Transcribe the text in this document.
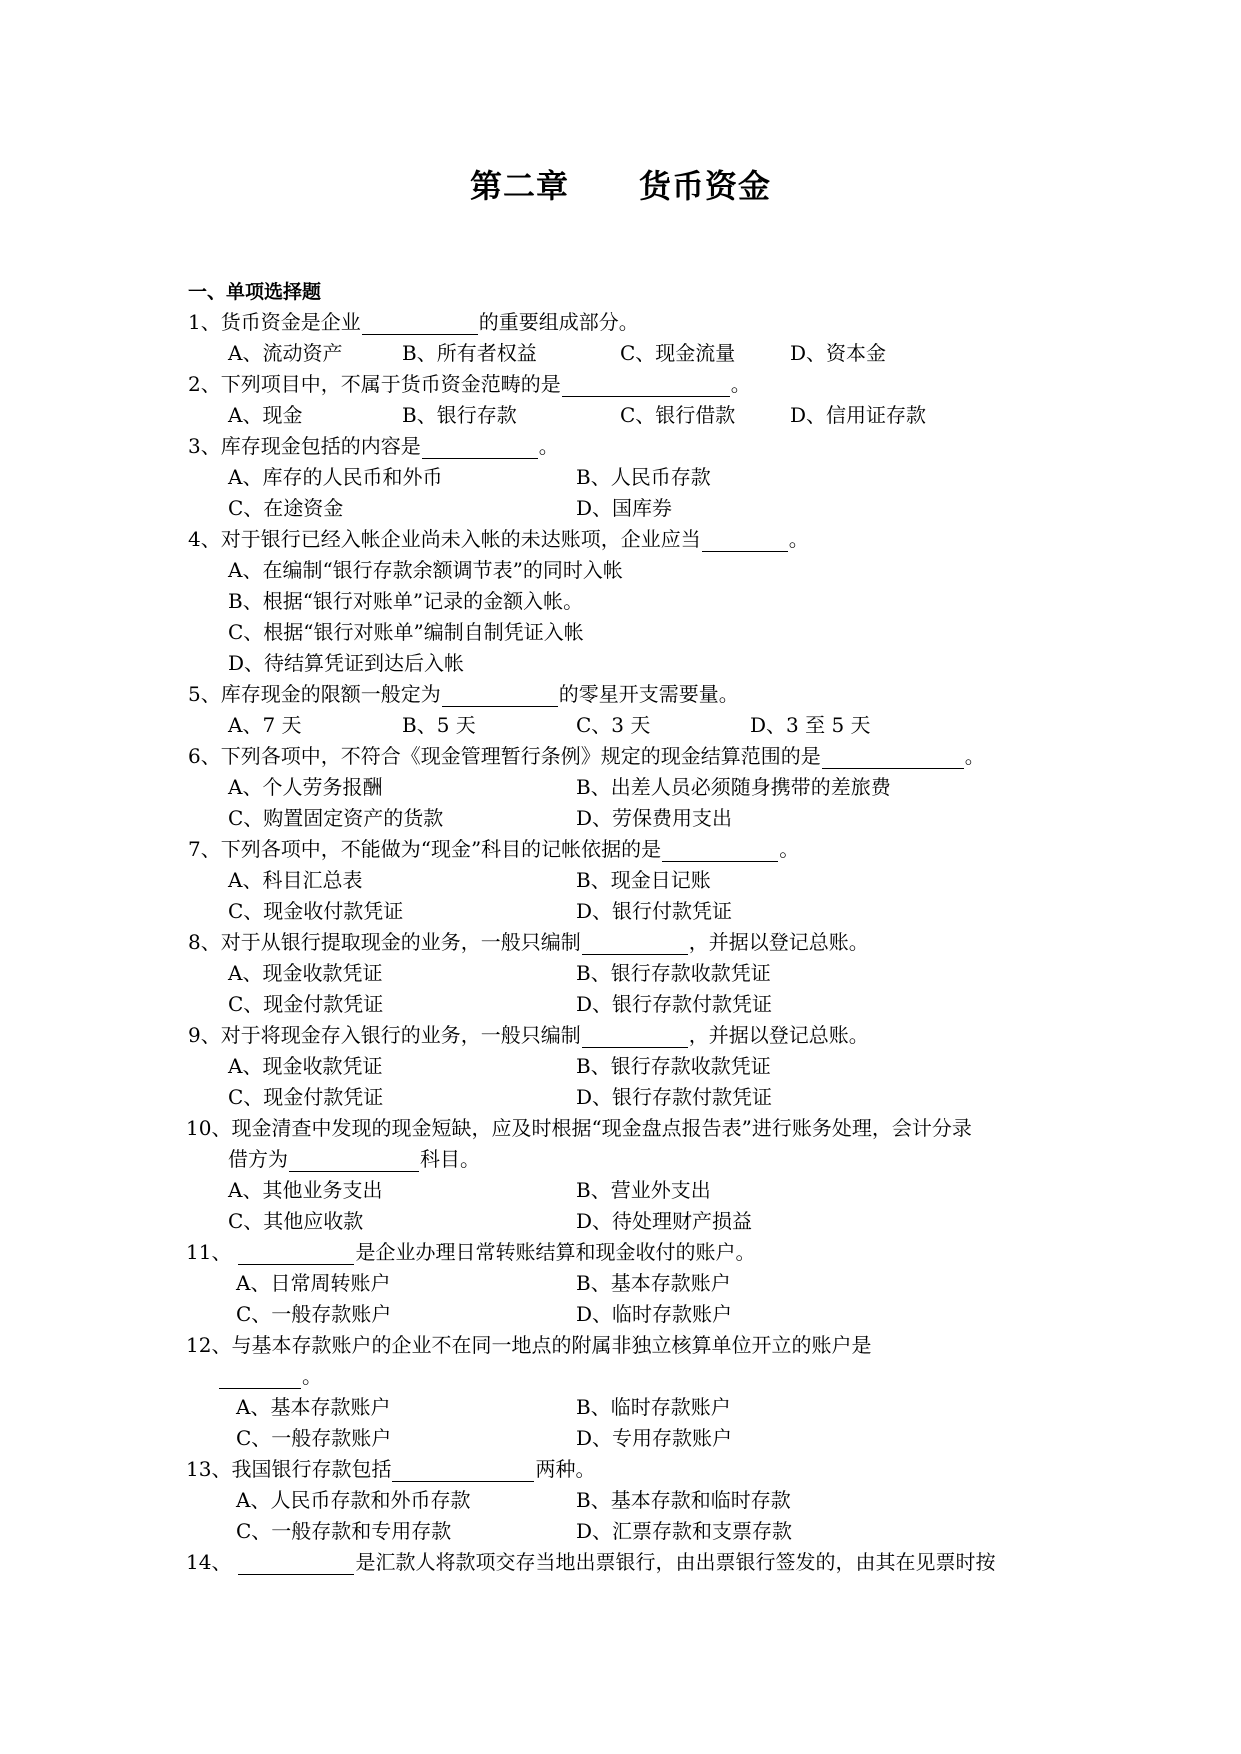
第二章 货币资金
一、单项选择题
1、货币资金是企业	的重要组成部分。
A、流动资产	B、所有者权益	C、现金流量	D、资本金
2、下列项目中，不属于货币资金范畴的是	。
A、现金	B、银行存款	C、银行借款	D、信用证存款
3、库存现金包括的内容是	。
A、库存的人民币和外币	B、人民币存款
C、在途资金	D、国库券
4、对于银行已经入帐企业尚未入帐的未达账项，企业应当	。
A、在编制“银行存款余额调节表”的同时入帐
B、根据“银行对账单”记录的金额入帐。
C、根据“银行对账单”编制自制凭证入帐
D、待结算凭证到达后入帐
5、库存现金的限额一般定为	的零星开支需要量。
A、7 天	B、5 天	C、3 天	D、3 至 5 天
6、下列各项中，不符合《现金管理暂行条例》规定的现金结算范围的是	。
A、个人劳务报酬	B、出差人员必须随身携带的差旅费
C、购置固定资产的货款	D、劳保费用支出
7、下列各项中，不能做为“现金”科目的记帐依据的是	。
A、科目汇总表	B、现金日记账
C、现金收付款凭证	D、银行付款凭证
8、对于从银行提取现金的业务，一般只编制	，并据以登记总账。
A、现金收款凭证	B、银行存款收款凭证
C、现金付款凭证	D、银行存款付款凭证
9、对于将现金存入银行的业务，一般只编制	，并据以登记总账。
A、现金收款凭证	B、银行存款收款凭证
C、现金付款凭证	D、银行存款付款凭证
10、现金清查中发现的现金短缺，应及时根据“现金盘点报告表”进行账务处理，会计分录
借方为	科目。
A、其他业务支出	B、营业外支出
C、其他应收款	D、待处理财产损益
11、	是企业办理日常转账结算和现金收付的账户。
A、日常周转账户	B、基本存款账户
C、一般存款账户	D、临时存款账户
12、与基本存款账户的企业不在同一地点的附属非独立核算单位开立的账户是
。
A、基本存款账户	B、临时存款账户
C、一般存款账户	D、专用存款账户
13、我国银行存款包括	两种。
A、人民币存款和外币存款	B、基本存款和临时存款
C、一般存款和专用存款	D、汇票存款和支票存款
14、	是汇款人将款项交存当地出票银行，由出票银行签发的，由其在见票时按
